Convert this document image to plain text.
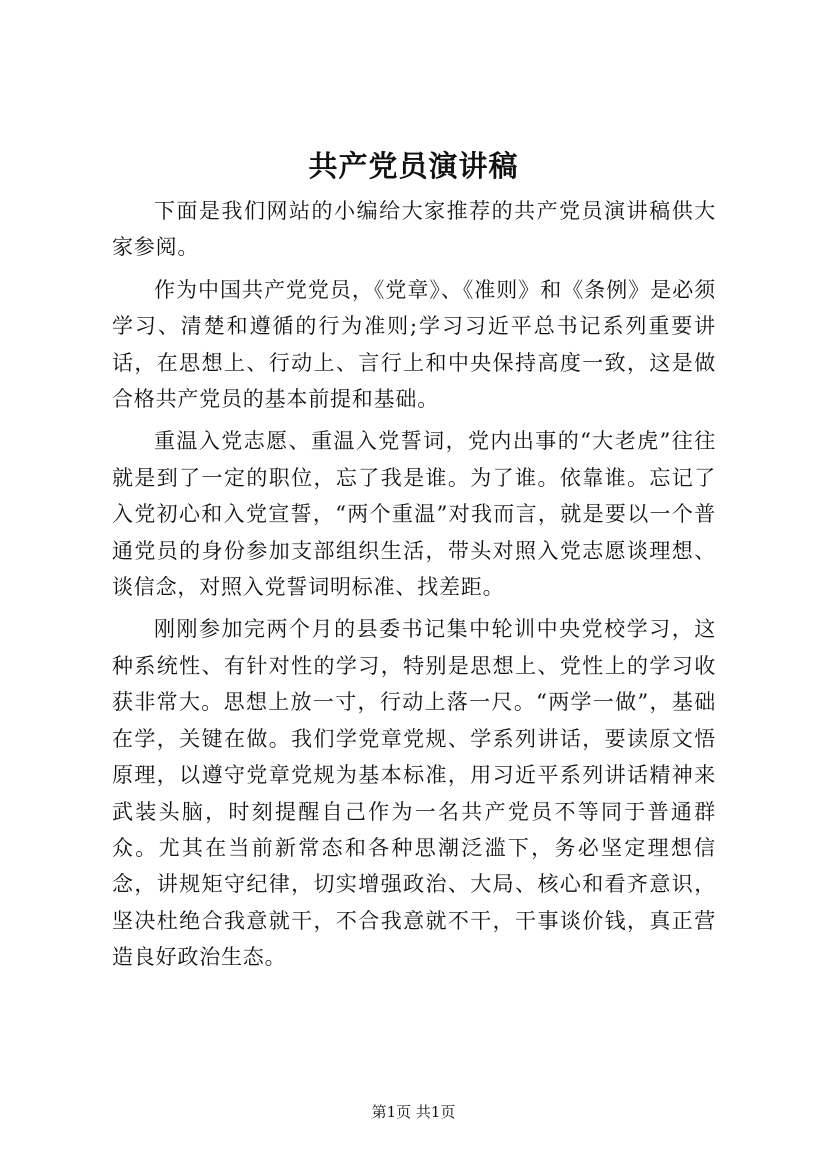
共产党员演讲稿

下面是我们网站的小编给大家推荐的共产党员演讲稿供大家参阅。

作为中国共产党党员，《党章》、《准则》和《条例》是必须学习、清楚和遵循的行为准则;学习习近平总书记系列重要讲话，在思想上、行动上、言行上和中央保持高度一致，这是做合格共产党员的基本前提和基础。

重温入党志愿、重温入党誓词，党内出事的“大老虎”往往就是到了一定的职位，忘了我是谁。为了谁。依靠谁。忘记了入党初心和入党宣誓，“两个重温”对我而言，就是要以一个普通党员的身份参加支部组织生活，带头对照入党志愿谈理想、谈信念，对照入党誓词明标准、找差距。

刚刚参加完两个月的县委书记集中轮训中央党校学习，这种系统性、有针对性的学习，特别是思想上、党性上的学习收获非常大。思想上放一寸，行动上落一尺。“两学一做”，基础在学，关键在做。我们学党章党规、学系列讲话，要读原文悟原理，以遵守党章党规为基本标准，用习近平系列讲话精神来武装头脑，时刻提醒自己作为一名共产党员不等同于普通群众。尤其在当前新常态和各种思潮泛滥下，务必坚定理想信念，讲规矩守纪律，切实增强政治、大局、核心和看齐意识，坚决杜绝合我意就干，不合我意就不干，干事谈价钱，真正营造良好政治生态。

第1页 共1页
